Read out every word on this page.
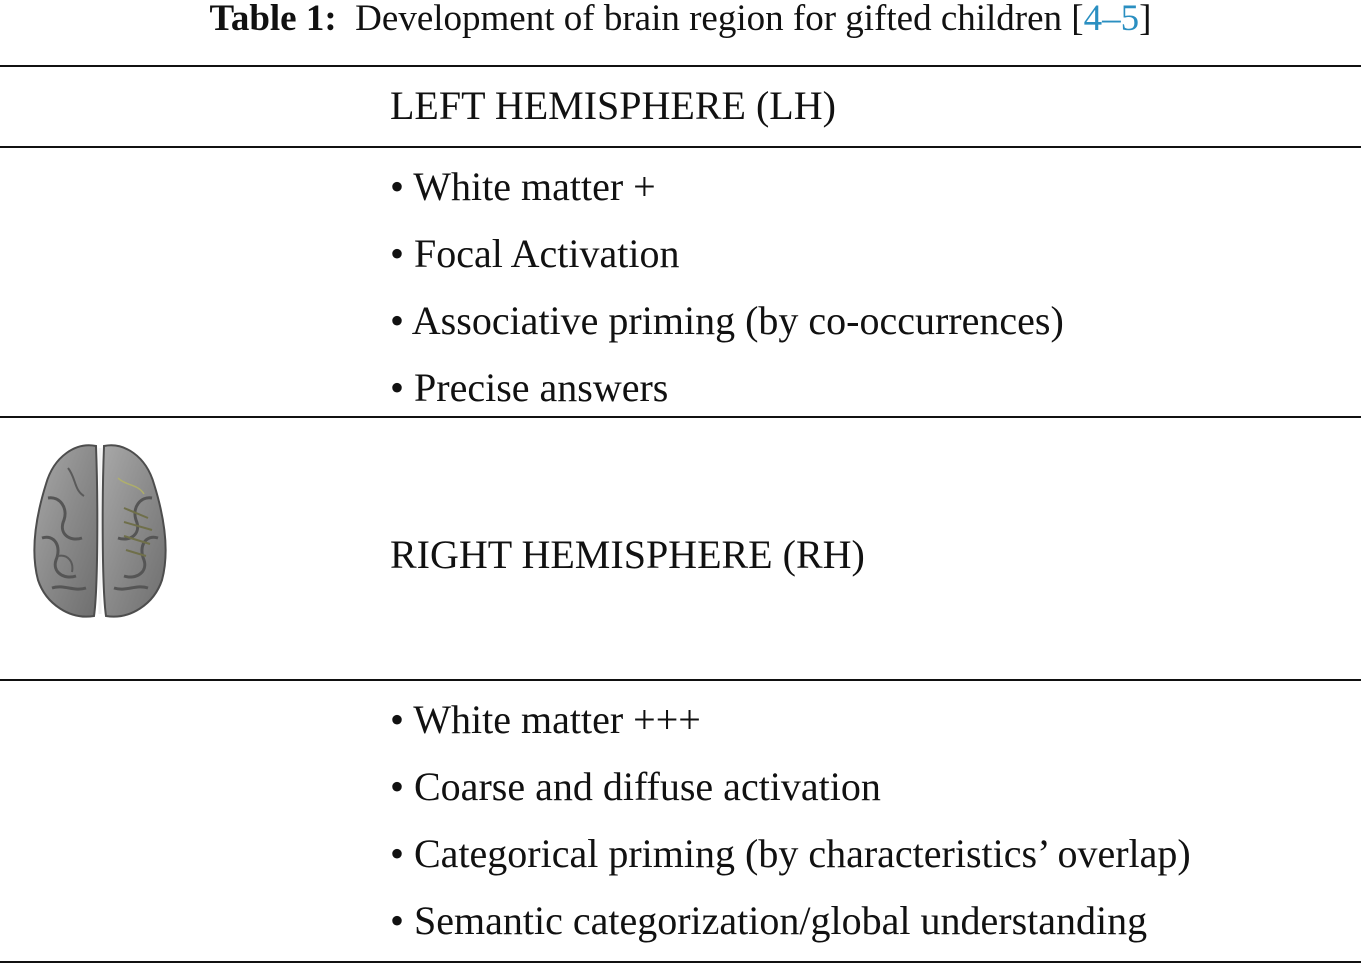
Table 1: Development of brain region for gifted children [4–5]
LEFT HEMISPHERE (LH)
• White matter +
• Focal Activation
• Associative priming (by co-occurrences)
• Precise answers
RIGHT HEMISPHERE (RH)
• White matter +++
• Coarse and diffuse activation
• Categorical priming (by characteristics’ overlap)
• Semantic categorization/global understanding
